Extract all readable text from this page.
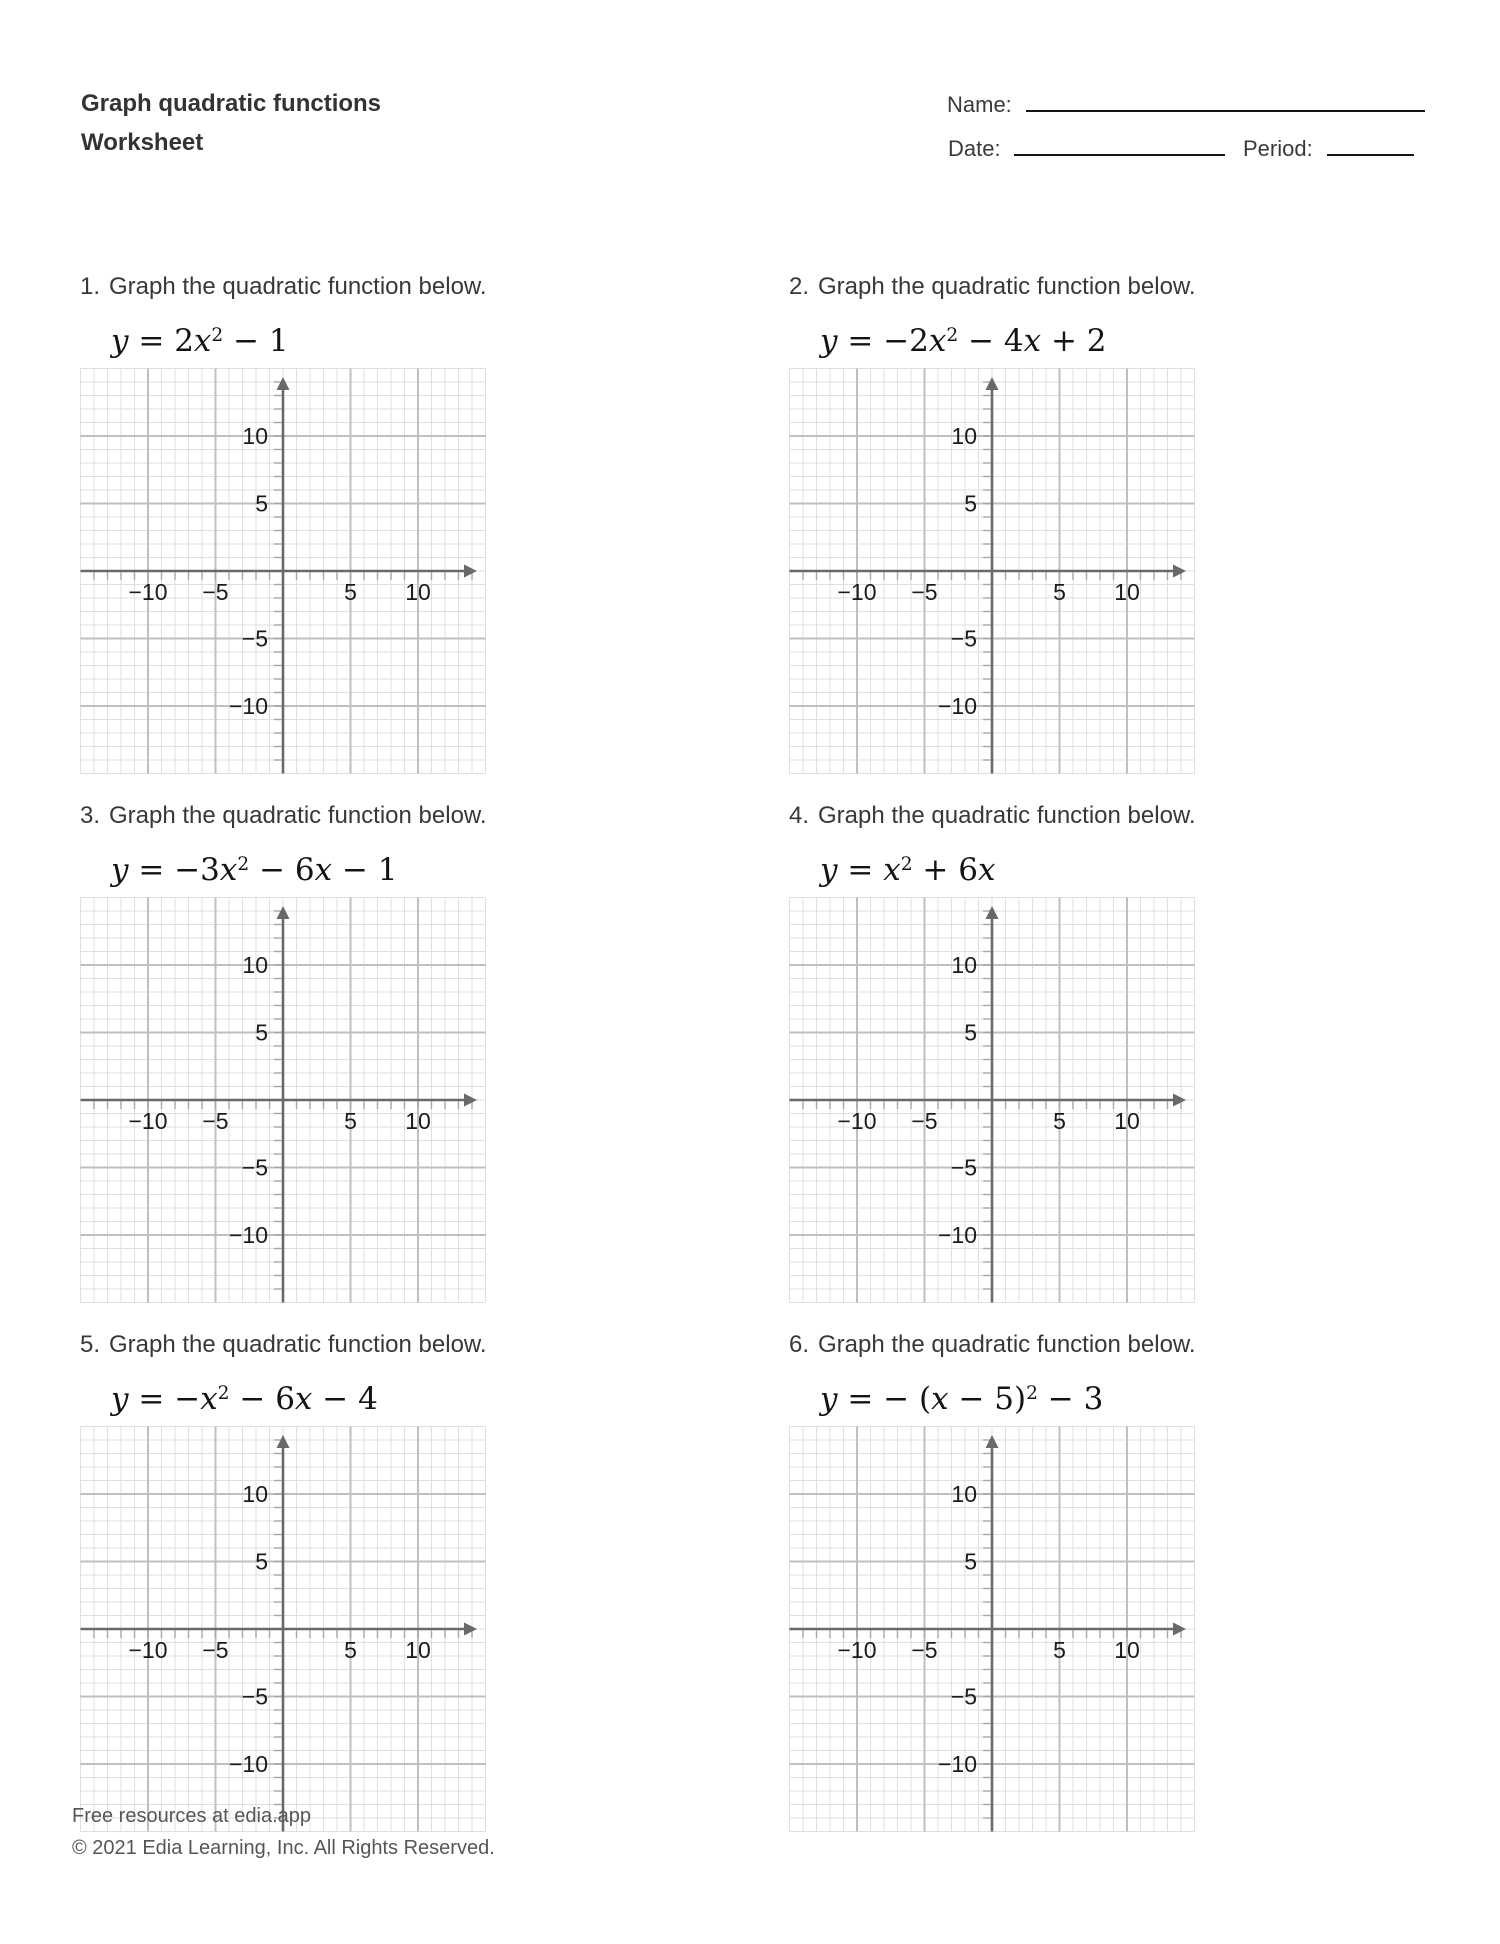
Graph quadratic functions
Worksheet
Name:
Date:	Period:
1. Graph the quadratic function below.
$y = 2x^2 - 1$
−10 −5	5 10
10
5
−5
−10
2. Graph the quadratic function below.
$y = -2x^2 - 4x + 2$
−10 −5	5 10
10
5
−5
−10
3. Graph the quadratic function below.
$y = -3x^2 - 6x - 1$
−10 −5	5 10
10
5
−5
−10
4. Graph the quadratic function below.
$y = x^2 + 6x$
−10 −5	5 10
10
5
−5
−10
5. Graph the quadratic function below.
$y = -x^2 - 6x - 4$
−10 −5	5 10
10
5
−5
−10
6. Graph the quadratic function below.
y = − $(x - 5)^2 - 3$
−10 −5	5 10
10
5
−5
−10
Free resources at edia.app
© 2021 Edia Learning, Inc. All Rights Reserved.
